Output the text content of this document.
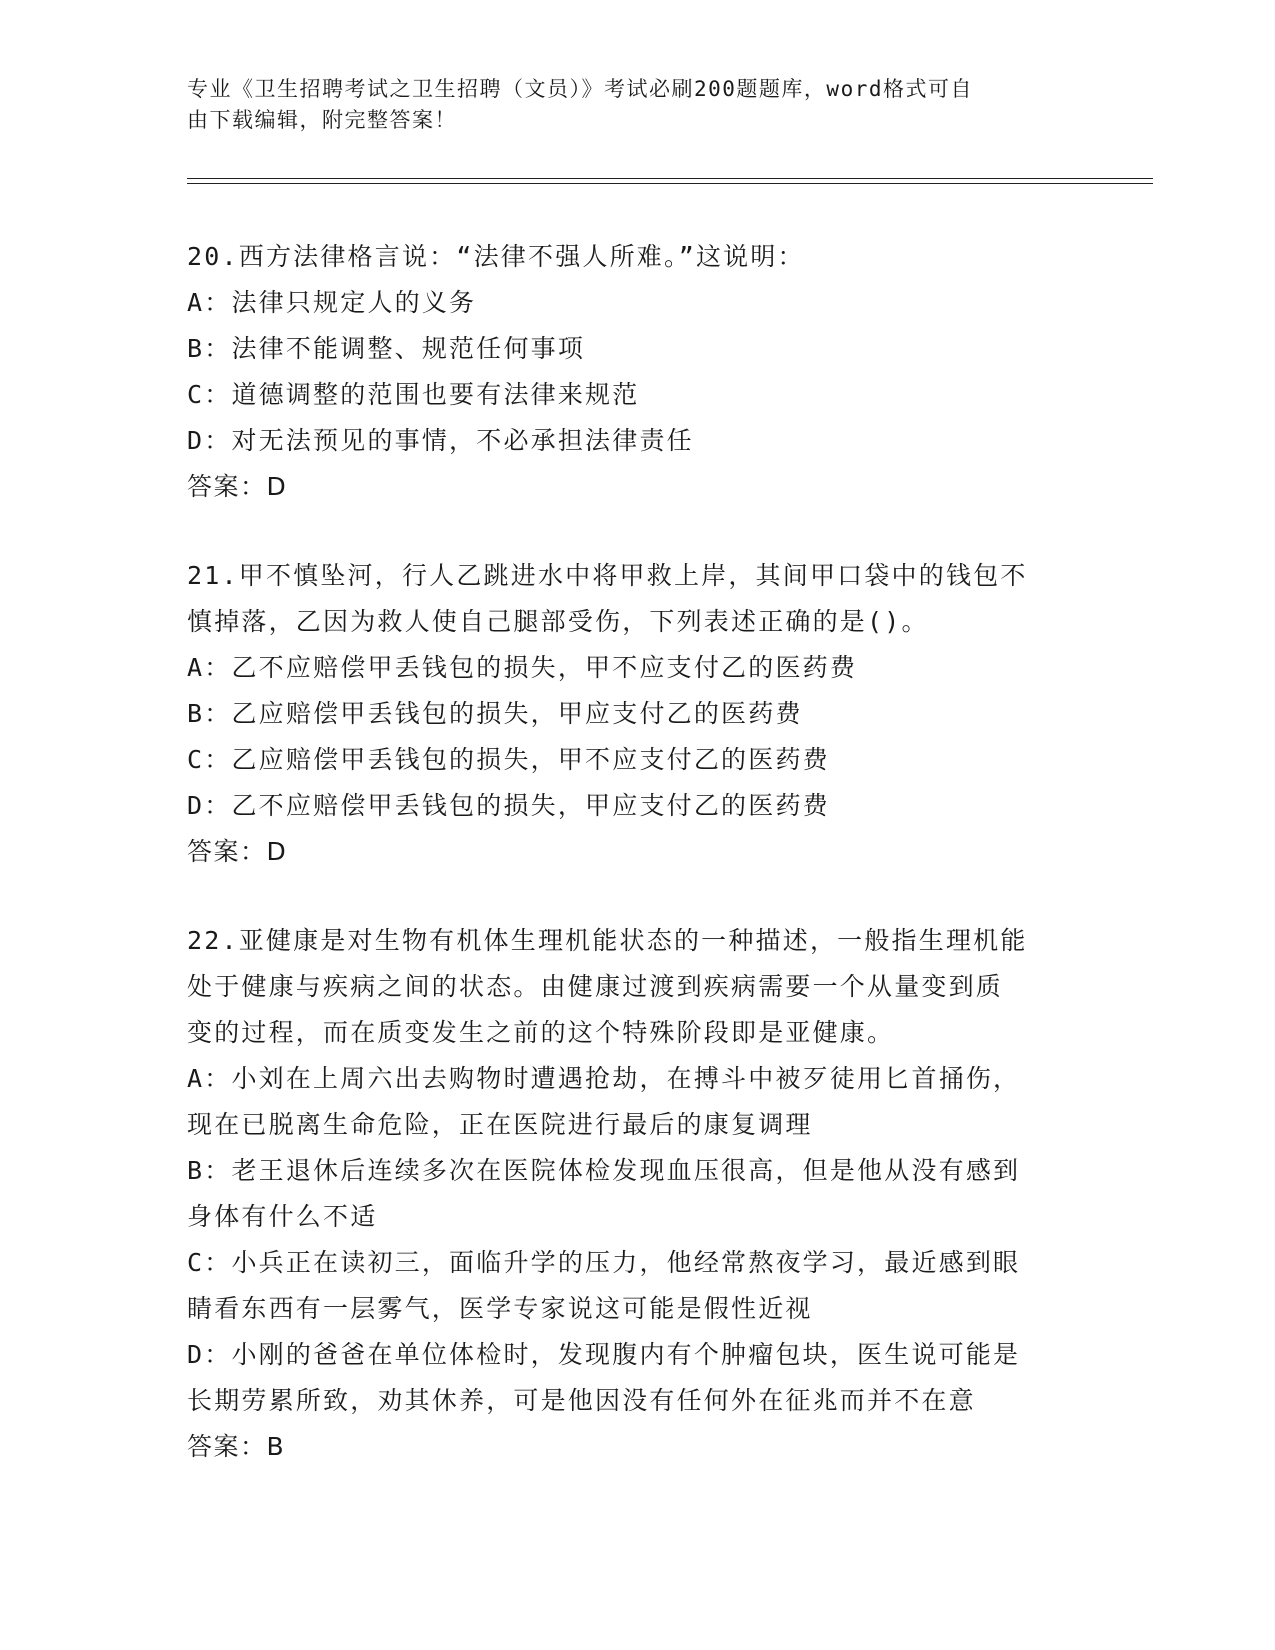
专业《卫生招聘考试之卫生招聘（文员）》考试必刷200题题库，word格式可自
由下载编辑，附完整答案！
20.西方法律格言说：“法律不强人所难。”这说明：
A：法律只规定人的义务
B：法律不能调整、规范任何事项
C：道德调整的范围也要有法律来规范
D：对无法预见的事情，不必承担法律责任
答案：D
21.甲不慎坠河，行人乙跳进水中将甲救上岸，其间甲口袋中的钱包不
慎掉落，乙因为救人使自己腿部受伤，下列表述正确的是()。
A：乙不应赔偿甲丢钱包的损失，甲不应支付乙的医药费
B：乙应赔偿甲丢钱包的损失，甲应支付乙的医药费
C：乙应赔偿甲丢钱包的损失，甲不应支付乙的医药费
D：乙不应赔偿甲丢钱包的损失，甲应支付乙的医药费
答案：D
22.亚健康是对生物有机体生理机能状态的一种描述，一般指生理机能
处于健康与疾病之间的状态。由健康过渡到疾病需要一个从量变到质
变的过程，而在质变发生之前的这个特殊阶段即是亚健康。
A：小刘在上周六出去购物时遭遇抢劫，在搏斗中被歹徒用匕首捅伤，
现在已脱离生命危险，正在医院进行最后的康复调理
B：老王退休后连续多次在医院体检发现血压很高，但是他从没有感到
身体有什么不适
C：小兵正在读初三，面临升学的压力，他经常熬夜学习，最近感到眼
睛看东西有一层雾气，医学专家说这可能是假性近视
D：小刚的爸爸在单位体检时，发现腹内有个肿瘤包块，医生说可能是
长期劳累所致，劝其休养，可是他因没有任何外在征兆而并不在意
答案：B
